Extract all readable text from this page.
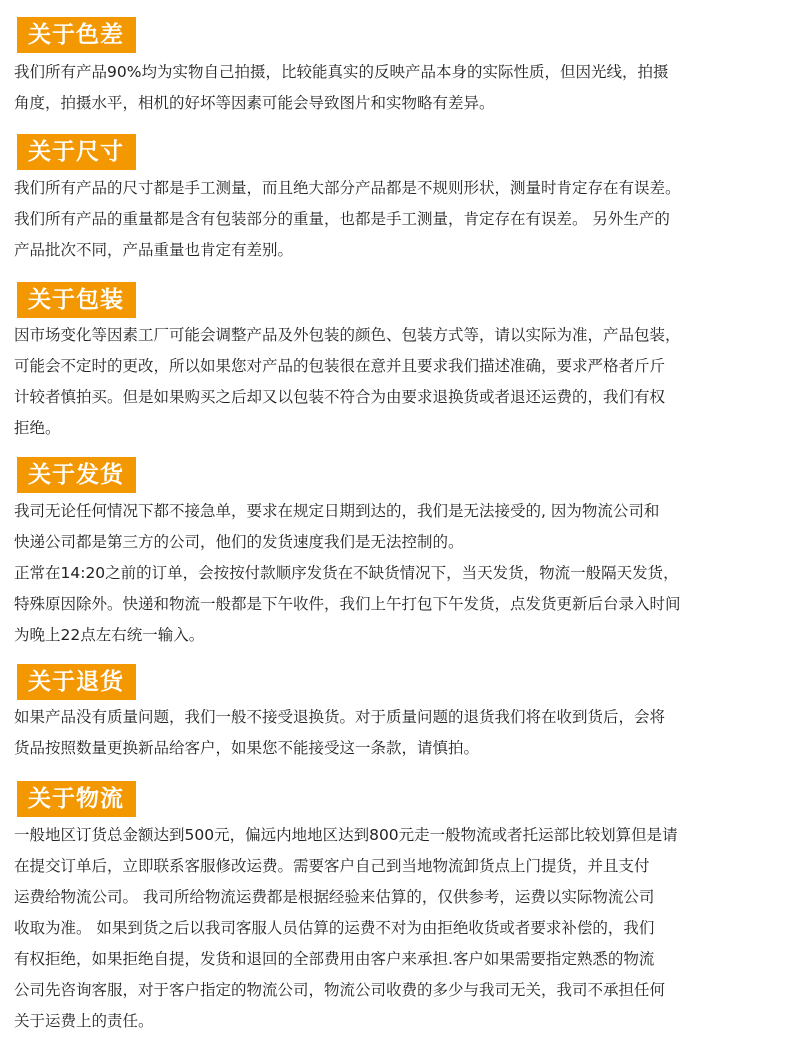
关于色差
我们所有产品90%均为实物自己拍摄，比较能真实的反映产品本身的实际性质，但因光线，拍摄
角度，拍摄水平，相机的好坏等因素可能会导致图片和实物略有差异。
关于尺寸
我们所有产品的尺寸都是手工测量，而且绝大部分产品都是不规则形状，测量时肯定存在有误差。
我们所有产品的重量都是含有包装部分的重量，也都是手工测量，肯定存在有误差。 另外生产的
产品批次不同，产品重量也肯定有差别。
关于包装
因市场变化等因素工厂可能会调整产品及外包装的颜色、包装方式等，请以实际为准，产品包装，
可能会不定时的更改，所以如果您对产品的包装很在意并且要求我们描述准确，要求严格者斤斤
计较者慎拍买。但是如果购买之后却又以包装不符合为由要求退换货或者退还运费的，我们有权
拒绝。
关于发货
我司无论任何情况下都不接急单，要求在规定日期到达的，我们是无法接受的, 因为物流公司和
快递公司都是第三方的公司，他们的发货速度我们是无法控制的。
正常在14:20之前的订单，会按按付款顺序发货在不缺货情况下，当天发货，物流一般隔天发货，
特殊原因除外。快递和物流一般都是下午收件，我们上午打包下午发货，点发货更新后台录入时间
为晚上22点左右统一输入。
关于退货
如果产品没有质量问题，我们一般不接受退换货。对于质量问题的退货我们将在收到货后，会将
货品按照数量更换新品给客户，如果您不能接受这一条款，请慎拍。
关于物流
一般地区订货总金额达到500元，偏远内地地区达到800元走一般物流或者托运部比较划算但是请
在提交订单后，立即联系客服修改运费。需要客户自己到当地物流卸货点上门提货，并且支付
运费给物流公司。 我司所给物流运费都是根据经验来估算的，仅供参考，运费以实际物流公司
收取为准。 如果到货之后以我司客服人员估算的运费不对为由拒绝收货或者要求补偿的，我们
有权拒绝，如果拒绝自提，发货和退回的全部费用由客户来承担.客户如果需要指定熟悉的物流
公司先咨询客服，对于客户指定的物流公司，物流公司收费的多少与我司无关，我司不承担任何
关于运费上的责任。
